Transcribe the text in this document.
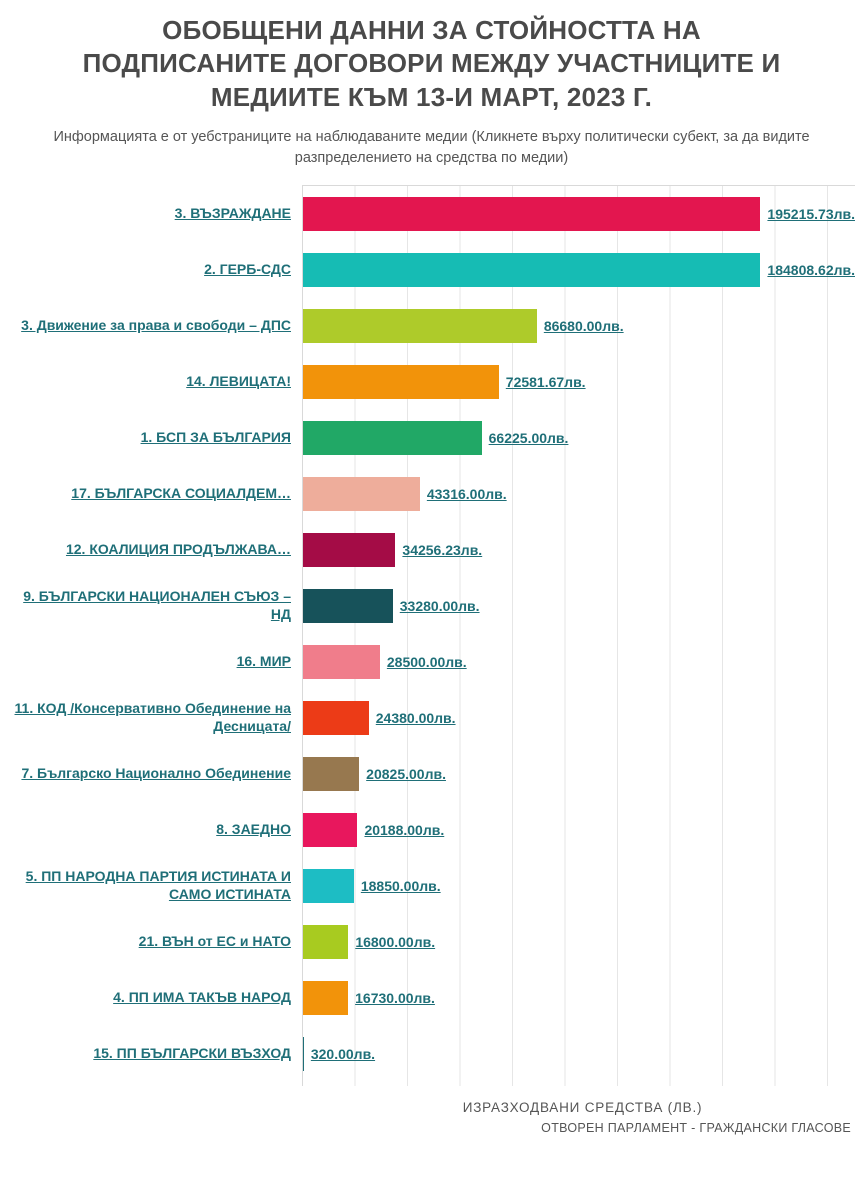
ОБОБЩЕНИ ДАННИ ЗА СТОЙНОСТТА НА ПОДПИСАНИТЕ ДОГОВОРИ МЕЖДУ УЧАСТНИЦИТЕ И МЕДИИТЕ КЪМ 13-И МАРТ, 2023 Г.
Информацията е от уебстраниците на наблюдаваните медии (Кликнете върху политически субект, за да видите разпределението на средства по медии)
3. ВЪЗРАЖДАНЕ	195215.73лв.
2. ГЕРБ-СДС	184808.62лв.
3. Движение за права и свободи – ДПС	86680.00лв.
14. ЛЕВИЦАТА!	72581.67лв.
1. БСП ЗА БЪЛГАРИЯ	66225.00лв.
17. БЪЛГАРСКА СОЦИАЛДЕМ…	43316.00лв.
12. КОАЛИЦИЯ ПРОДЪЛЖАВА…	34256.23лв.
9. БЪЛГАРСКИ НАЦИОНАЛЕН СЪЮЗ – НД	33280.00лв.
16. МИР	28500.00лв.
11. КОД /Консервативно Обединение на Десницата/	24380.00лв.
7. Българско Национално Обединение	20825.00лв.
8. ЗАЕДНО	20188.00лв.
5. ПП НАРОДНА ПАРТИЯ ИСТИНАТА И САМО ИСТИНАТА	18850.00лв.
21. ВЪН от ЕС и НАТО	16800.00лв.
4. ПП ИМА ТАКЪВ НАРОД	16730.00лв.
15. ПП БЪЛГАРСКИ ВЪЗХОД 320.00лв.
ИЗРАЗХОДВАНИ СРЕДСТВА (ЛВ.)
ОТВОРЕН ПАРЛАМЕНТ - ГРАЖДАНСКИ ГЛАСОВЕ
